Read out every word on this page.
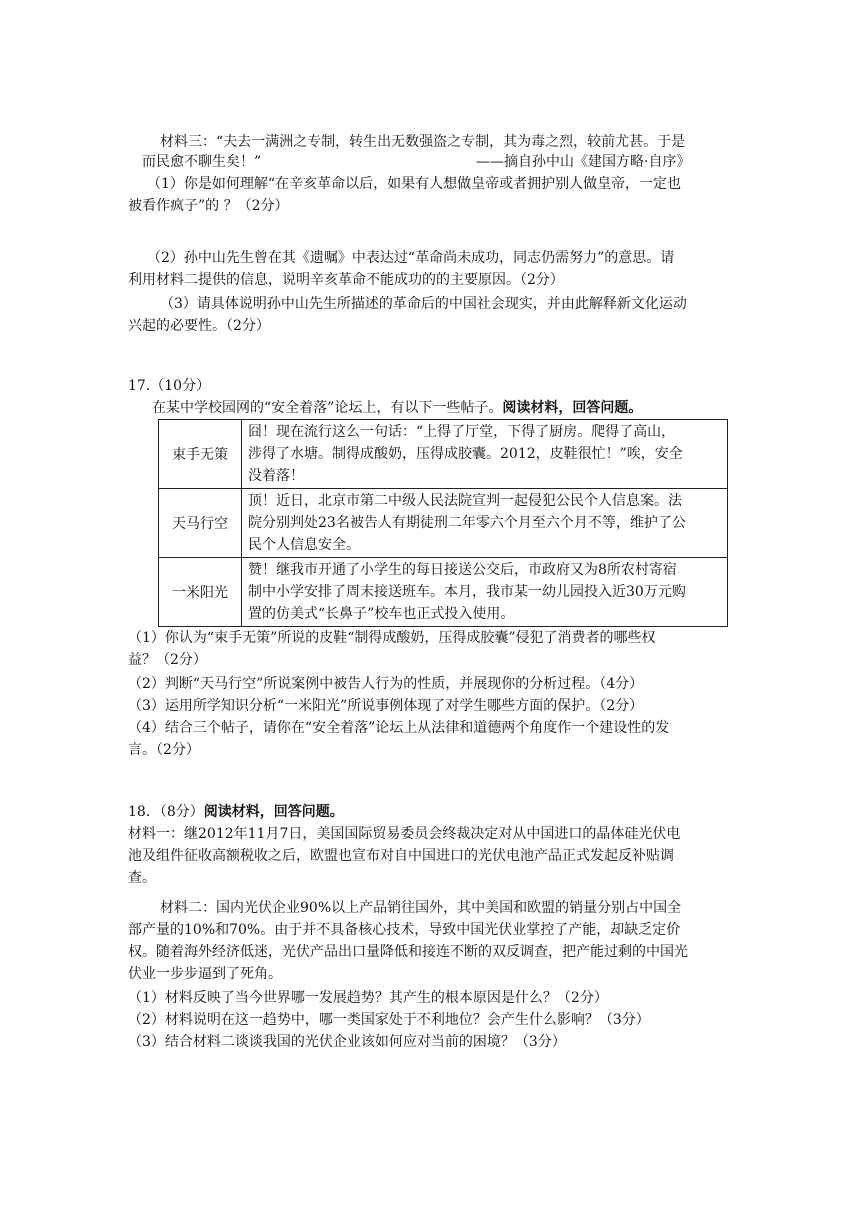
材料三：“夫去一满洲之专制，转生出无数强盗之专制，其为毒之烈，较前尤甚。于是
而民愈不聊生矣！”	——摘自孙中山《建国方略·自序》
（1）你是如何理解“在辛亥革命以后，如果有人想做皇帝或者拥护别人做皇帝，一定也
被看作疯子”的 ？（2分）
（2）孙中山先生曾在其《遗嘱》中表达过“革命尚未成功，同志仍需努力”的意思。请
利用材料二提供的信息，说明辛亥革命不能成功的的主要原因。（2分）
（3）请具体说明孙中山先生所描述的革命后的中国社会现实，并由此解释新文化运动
兴起的必要性。（2分）
17.（10分）
在某中学校园网的“安全着落”论坛上，有以下一些帖子。阅读材料，回答问题。
束手无策	囧！现在流行这么一句话：“上得了厅堂，下得了厨房。爬得了高山，
涉得了水塘。制得成酸奶，压得成胶囊。2012，皮鞋很忙！”唉，安全
没着落！

天马行空	顶！近日，北京市第二中级人民法院宣判一起侵犯公民个人信息案。法
院分别判处23名被告人有期徒刑二年零六个月至六个月不等，维护了公
民个人信息安全。

一米阳光	赞！继我市开通了小学生的每日接送公交后，市政府又为8所农村寄宿
制中小学安排了周末接送班车。本月，我市某一幼儿园投入近30万元购
置的仿美式“长鼻子”校车也正式投入使用。
（1）你认为“束手无策”所说的皮鞋“制得成酸奶，压得成胶囊”侵犯了消费者的哪些权
益？（2分）
（2）判断“天马行空”所说案例中被告人行为的性质，并展现你的分析过程。（4分）
（3）运用所学知识分析“一米阳光”所说事例体现了对学生哪些方面的保护。（2分）
（4）结合三个帖子，请你在“安全着落”论坛上从法律和道德两个角度作一个建设性的发
言。（2分）
18．（8分）阅读材料，回答问题。
材料一：继2012年11月7日，美国国际贸易委员会终裁决定对从中国进口的晶体硅光伏电
池及组件征收高额税收之后，欧盟也宣布对自中国进口的光伏电池产品正式发起反补贴调
查。
材料二：国内光伏企业90%以上产品销往国外，其中美国和欧盟的销量分别占中国全
部产量的10%和70%。由于并不具备核心技术，导致中国光伏业掌控了产能，却缺乏定价
权。随着海外经济低迷，光伏产品出口量降低和接连不断的双反调查，把产能过剩的中国光
伏业一步步逼到了死角。
（1）材料反映了当今世界哪一发展趋势？其产生的根本原因是什么？（2分）
（2）材料说明在这一趋势中，哪一类国家处于不利地位？会产生什么影响？（3分）
（3）结合材料二谈谈我国的光伏企业该如何应对当前的困境？（3分）
